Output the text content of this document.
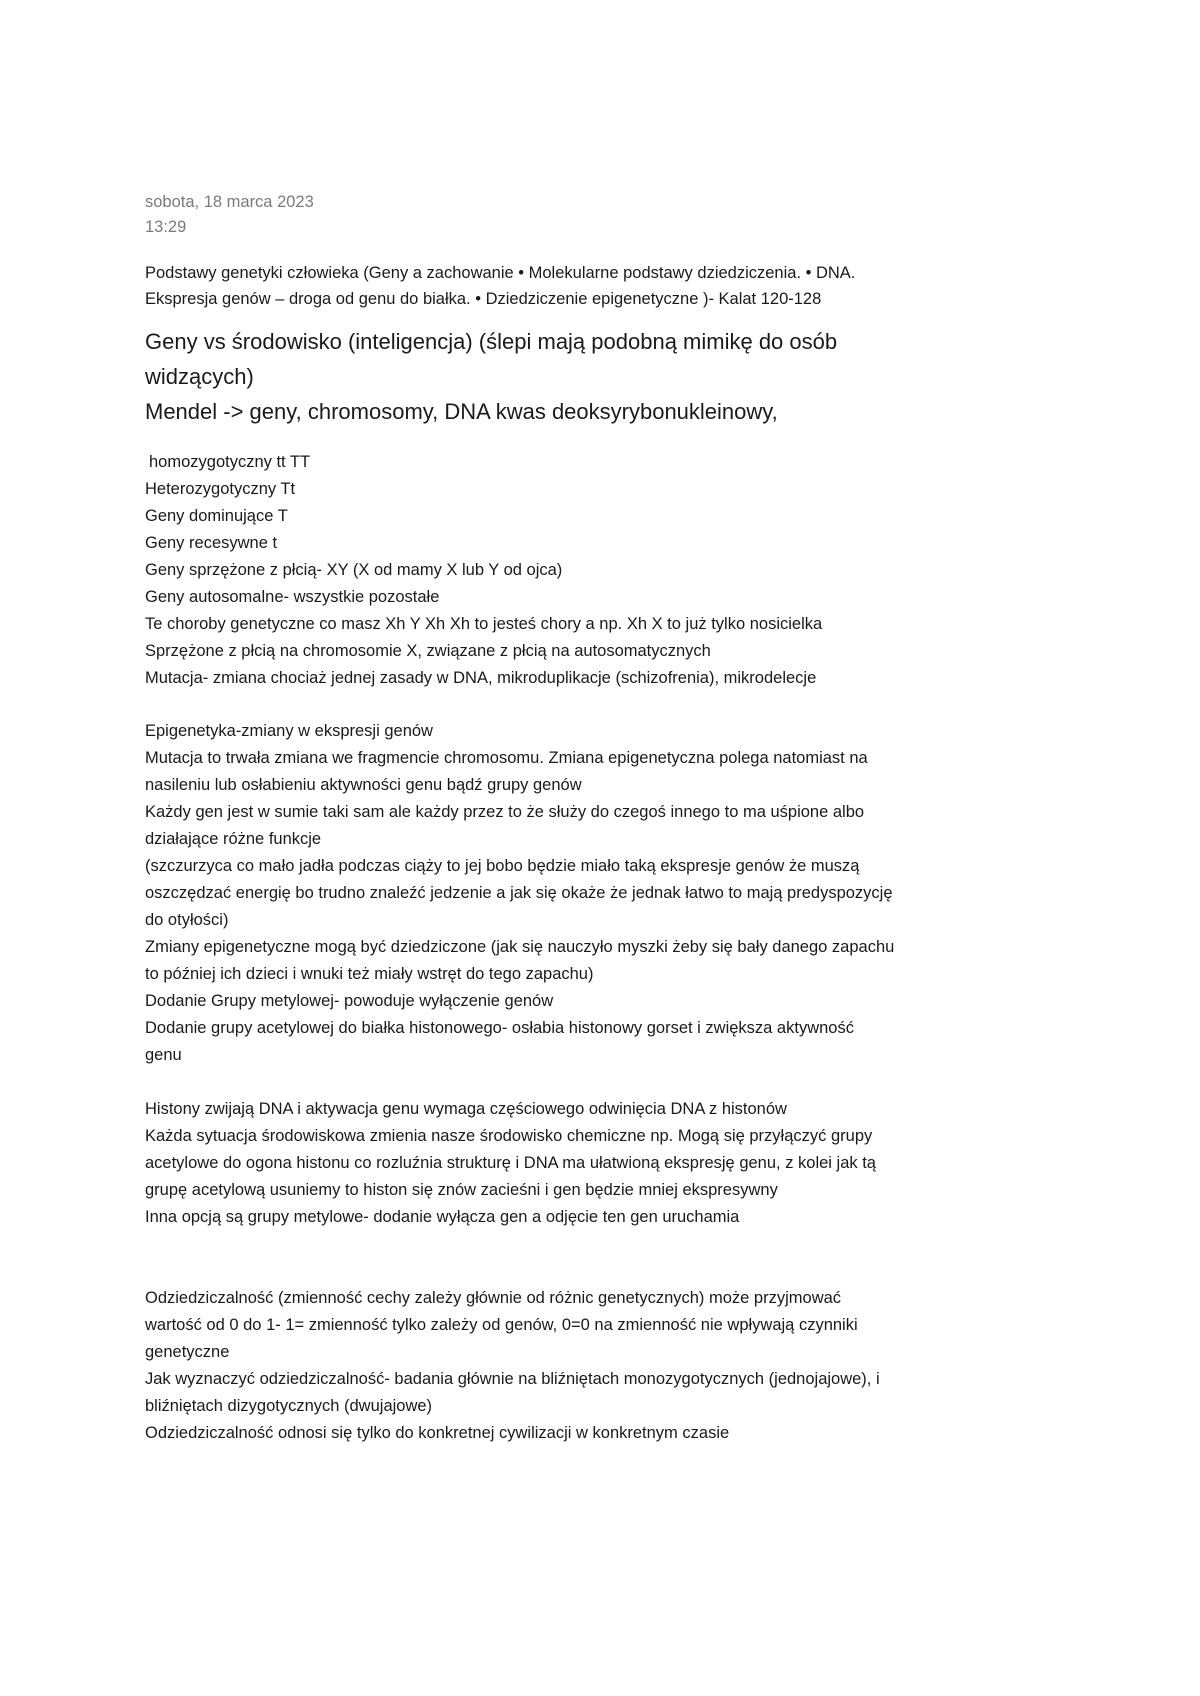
sobota, 18 marca 2023
13:29
Podstawy genetyki człowieka (Geny a zachowanie • Molekularne podstawy dziedziczenia. • DNA.
Ekspresja genów – droga od genu do białka. • Dziedziczenie epigenetyczne )- Kalat 120-128
Geny vs środowisko (inteligencja) (ślepi mają podobną mimikę do osób
widzących)
Mendel -> geny, chromosomy, DNA kwas deoksyrybonukleinowy,
homozygotyczny tt TT
Heterozygotyczny Tt
Geny dominujące T
Geny recesywne t
Geny sprzężone z płcią- XY (X od mamy X lub Y od ojca)
Geny autosomalne- wszystkie pozostałe
Te choroby genetyczne co masz Xh Y Xh Xh to jesteś chory a np. Xh X to już tylko nosicielka
Sprzężone z płcią na chromosomie X, związane z płcią na autosomatycznych
Mutacja- zmiana chociaż jednej zasady w DNA, mikroduplikacje (schizofrenia), mikrodelecje
Epigenetyka-zmiany w ekspresji genów
Mutacja to trwała zmiana we fragmencie chromosomu. Zmiana epigenetyczna polega natomiast na
nasileniu lub osłabieniu aktywności genu bądź grupy genów
Każdy gen jest w sumie taki sam ale każdy przez to że służy do czegoś innego to ma uśpione albo
działające różne funkcje
(szczurzyca co mało jadła podczas ciąży to jej bobo będzie miało taką ekspresje genów że muszą
oszczędzać energię bo trudno znaleźć jedzenie a jak się okaże że jednak łatwo to mają predyspozycję
do otyłości)
Zmiany epigenetyczne mogą być dziedziczone (jak się nauczyło myszki żeby się bały danego zapachu
to później ich dzieci i wnuki też miały wstręt do tego zapachu)
Dodanie Grupy metylowej- powoduje wyłączenie genów
Dodanie grupy acetylowej do białka histonowego- osłabia histonowy gorset i zwiększa aktywność
genu
Histony zwijają DNA i aktywacja genu wymaga częściowego odwinięcia DNA z histonów
Każda sytuacja środowiskowa zmienia nasze środowisko chemiczne np. Mogą się przyłączyć grupy
acetylowe do ogona histonu co rozluźnia strukturę i DNA ma ułatwioną ekspresję genu, z kolei jak tą
grupę acetylową usuniemy to histon się znów zacieśni i gen będzie mniej ekspresywny
Inna opcją są grupy metylowe- dodanie wyłącza gen a odjęcie ten gen uruchamia
Odziedziczalność (zmienność cechy zależy głównie od różnic genetycznych) może przyjmować
wartość od 0 do 1- 1= zmienność tylko zależy od genów, 0=0 na zmienność nie wpływają czynniki
genetyczne
Jak wyznaczyć odziedziczalność- badania głównie na bliźniętach monozygotycznych (jednojajowe), i
bliźniętach dizygotycznych (dwujajowe)
Odziedziczalność odnosi się tylko do konkretnej cywilizacji w konkretnym czasie
